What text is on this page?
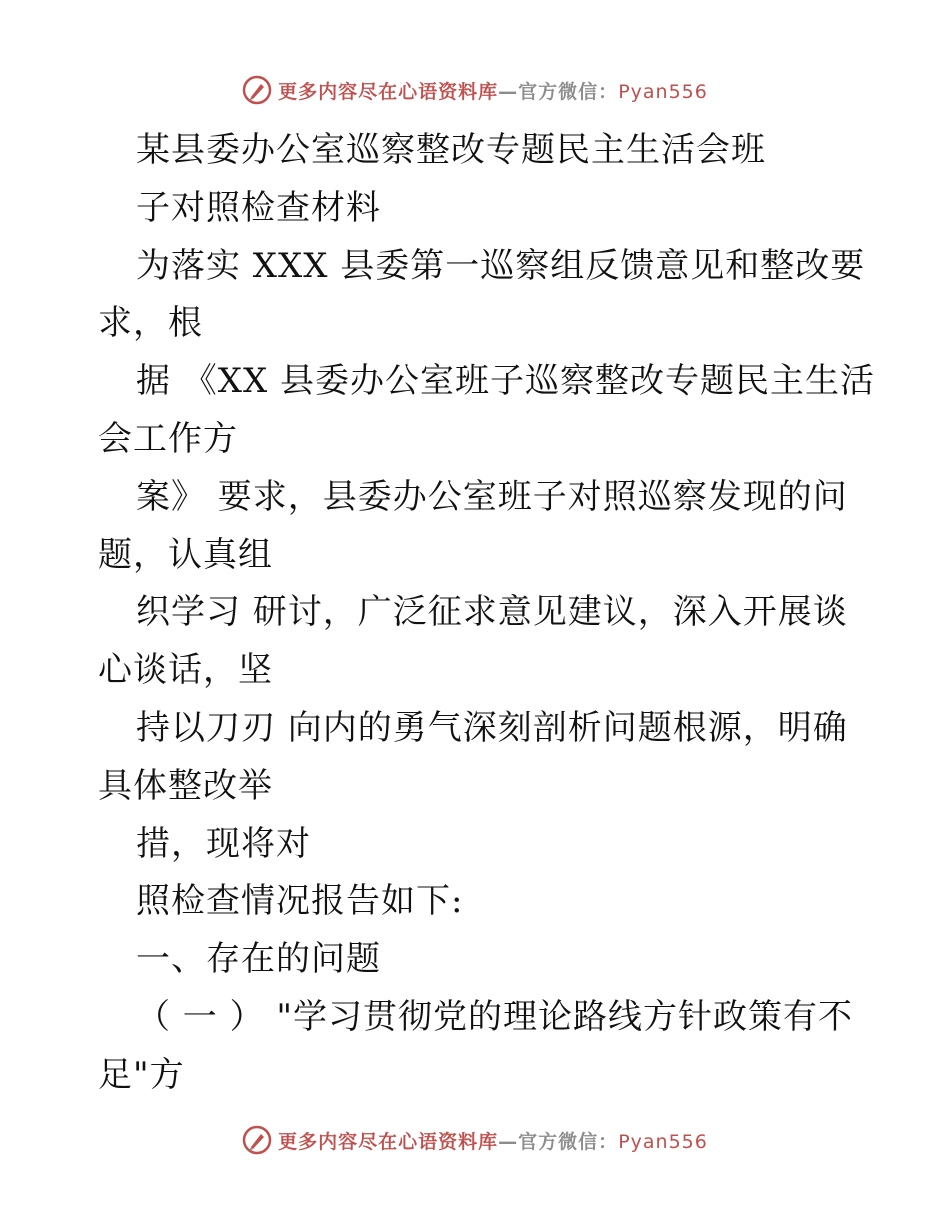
更多内容尽在心语资料库—官方微信：Pyan556
某县委办公室巡察整改专题民主生活会班
子对照检查材料
为落实 XXX 县委第一巡察组反馈意见和整改要
求，根
据 《XX 县委办公室班子巡察整改专题民主生活
会工作方
案》 要求，县委办公室班子对照巡察发现的问
题，认真组
织学习 研讨，广泛征求意见建议，深入开展谈
心谈话，坚
持以刀刃 向内的勇气深刻剖析问题根源，明确
具体整改举
措，现将对
照检查情况报告如下:
一、存在的问题
（ 一 ） "学习贯彻党的理论路线方针政策有不
足"方
更多内容尽在心语资料库—官方微信：Pyan556
